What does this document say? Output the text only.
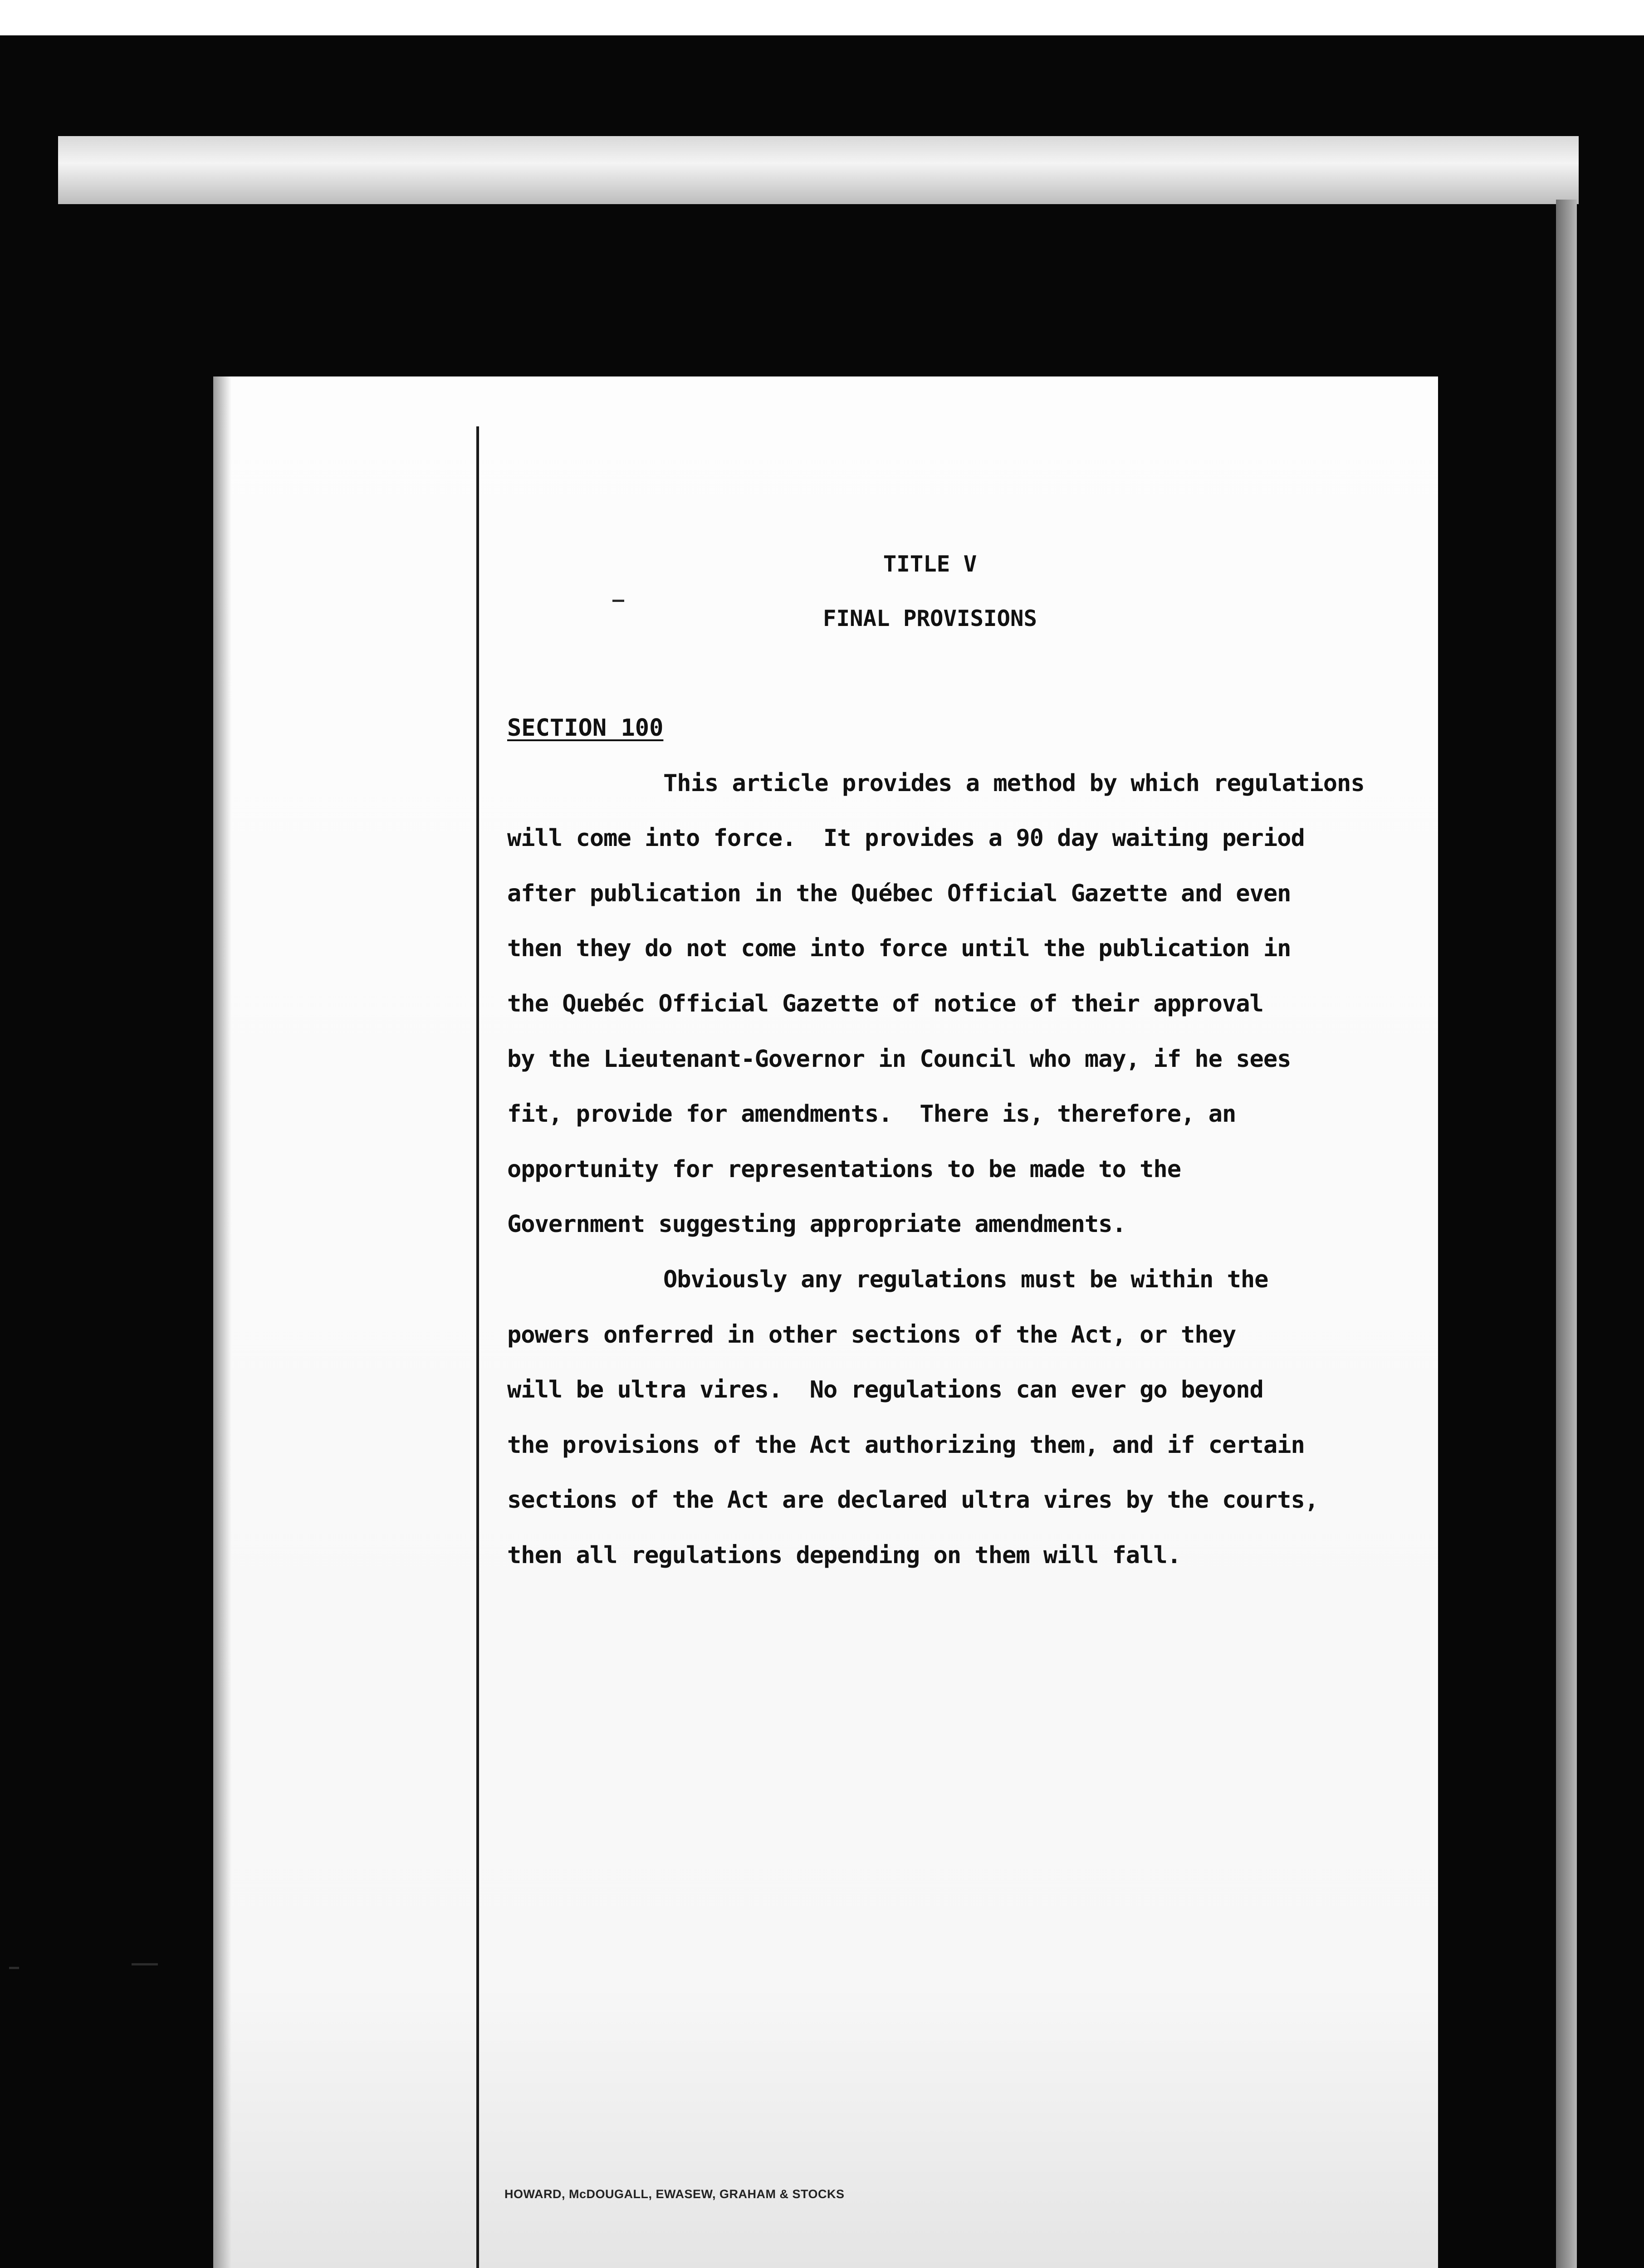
TITLE V
FINAL PROVISIONS
SECTION 100
This article provides a method by which regulations
will come into force.  It provides a 90 day waiting period
after publication in the Québec Official Gazette and even
then they do not come into force until the publication in
the Quebéc Official Gazette of notice of their approval
by the Lieutenant-Governor in Council who may, if he sees
fit, provide for amendments.  There is, therefore, an
opportunity for representations to be made to the
Government suggesting appropriate amendments.
Obviously any regulations must be within the
powers onferred in other sections of the Act, or they
will be ultra vires.  No regulations can ever go beyond
the provisions of the Act authorizing them, and if certain
sections of the Act are declared ultra vires by the courts,
then all regulations depending on them will fall.
HOWARD, McDOUGALL, EWASEW, GRAHAM & STOCKS
